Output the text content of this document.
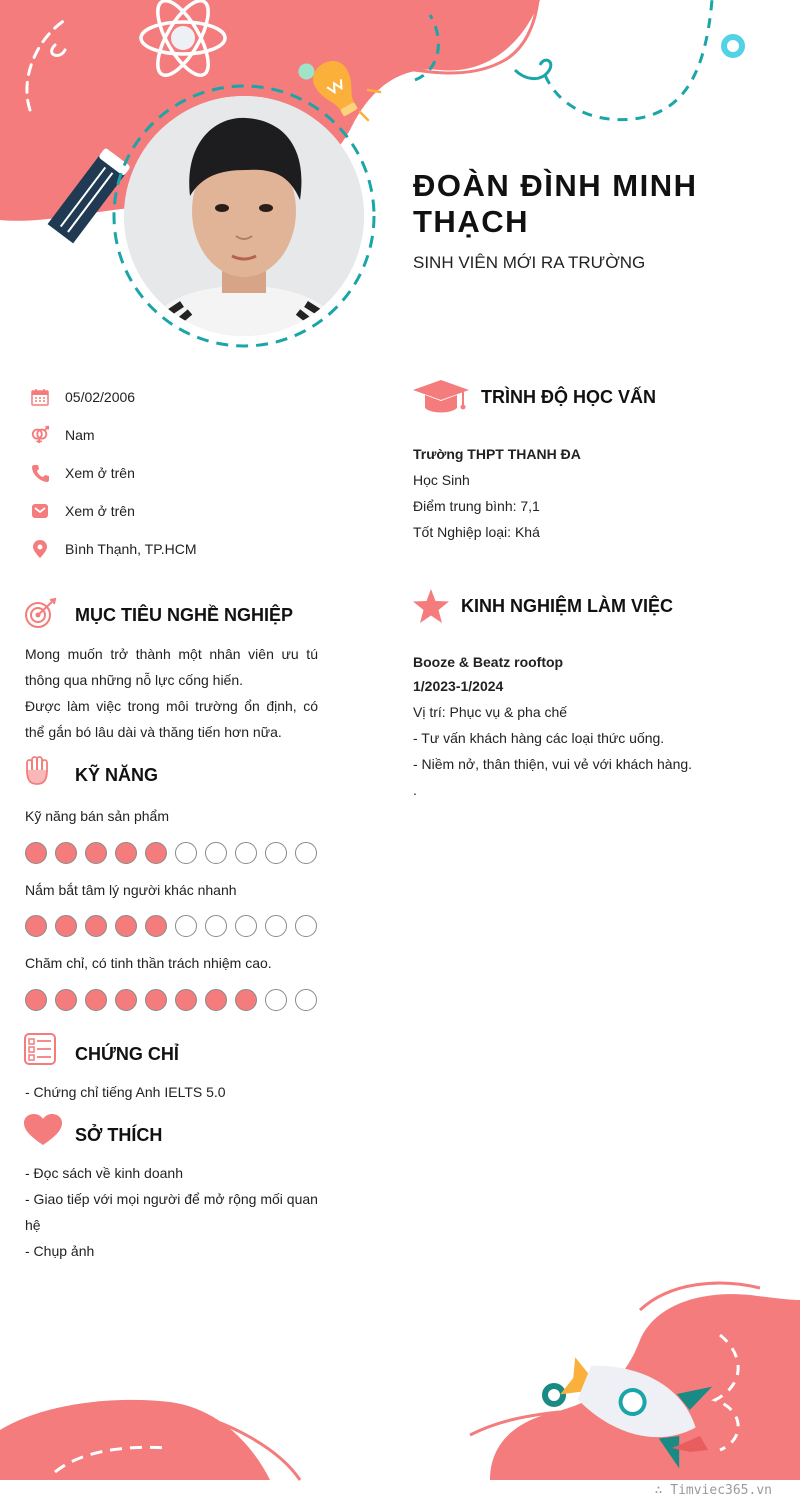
ĐOÀN ĐÌNH MINH THẠCH
SINH VIÊN MỚI RA TRƯỜNG
05/02/2006
Nam
Xem ở trên
Xem ở trên
Bình Thạnh, TP.HCM
MỤC TIÊU NGHỀ NGHIỆP
Mong muốn trở thành một nhân viên ưu tú thông qua những nỗ lực cống hiến.
Được làm việc trong môi trường ổn định, có thể gắn bó lâu dài và thăng tiến hơn nữa.
KỸ NĂNG
Kỹ năng bán sản phẩm
Nắm bắt tâm lý người khác nhanh
Chăm chỉ, có tinh thần trách nhiệm cao.
CHỨNG CHỈ
- Chứng chỉ tiếng Anh IELTS 5.0
SỞ THÍCH
- Đọc sách về kinh doanh
- Giao tiếp với mọi người để mở rộng mối quan hệ
- Chụp ảnh
TRÌNH ĐỘ HỌC VẤN
Trường THPT THANH ĐA
Học Sinh
Điểm trung bình: 7,1
Tốt Nghiệp loại: Khá
KINH NGHIỆM LÀM VIỆC
Booze & Beatz rooftop
1/2023-1/2024
Vị trí: Phục vụ & pha chế
- Tư vấn khách hàng các loại thức uống.
- Niềm nở, thân thiện, vui vẻ với khách hàng.
.
∴ Timviec365.vn
